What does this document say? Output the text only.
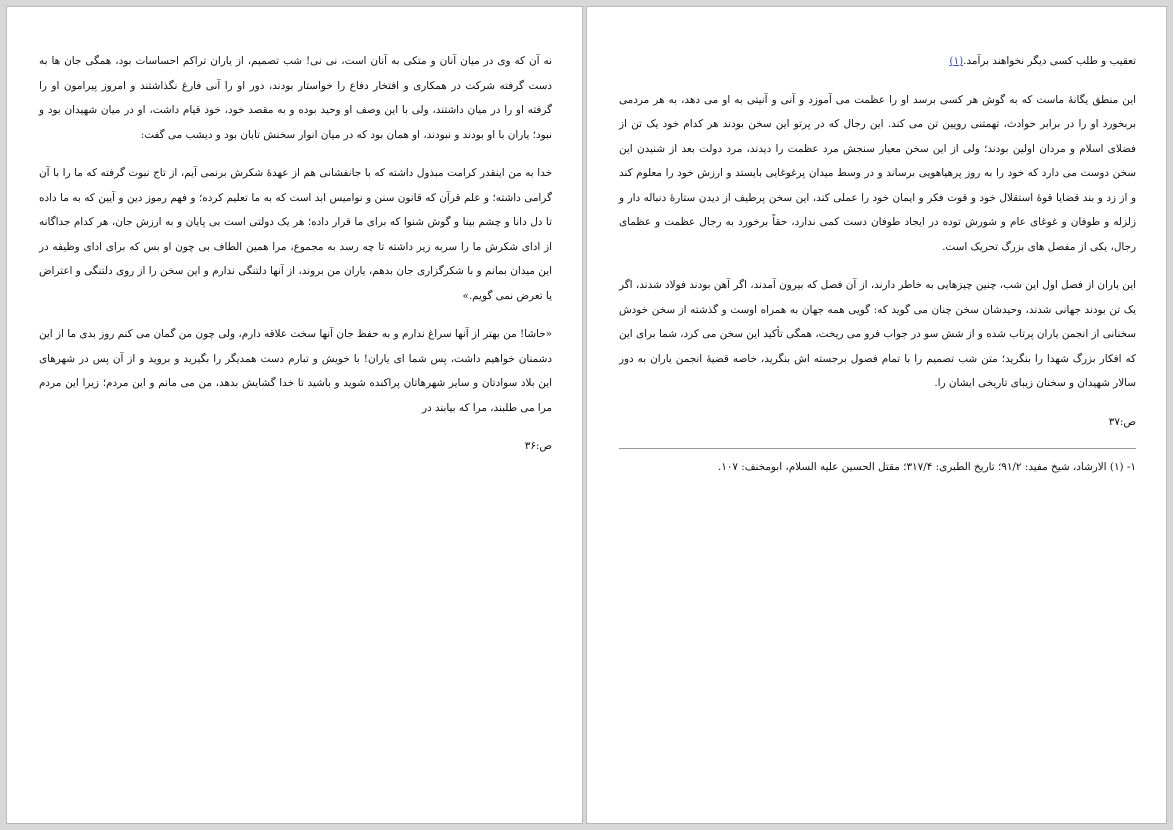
نه آن که وی در میان آنان و متکی به آنان است، نی نی! شب تصمیم، از یاران تراکم احساسات بود، همگی جان ها به دست گرفته شرکت در همکاری و افتخار دفاع را خواستار بودند، دور او را آنی فارغ نگذاشتند و امروز پیرامون او را گرفته او را در میان داشتند، ولی با این وصف او وحید بوده و به مقصد خود، خود قیام داشت، او در میان شهیدان بود و نبود؛ یاران با او بودند و نبودند، او همان بود که در میان انوار سخنش تابان بود و دیشب می گفت:

خدا به من اینقدر کرامت مبذول داشته که با جانفشانی هم از عهدهٔ شکرش برنمی آیم، از تاج نبوت گرفته که ما را با آن گرامی داشته؛ و علم قرآن که قانون سنن و نوامیس ابد است که به ما تعلیم کرده؛ و فهم رموز دین و آیین که به ما داده تا دل دانا و چشم بینا و گوش شنوا که برای ما قرار داده؛ هر یک دولتی است بی پایان و به ارزش جان، هر کدام جداگانه از ادای شکرش ما را سربه زیر داشته تا چه رسد به مجموع، مرا همین الطاف بی چون او بس که برای ادای وظیفه در این میدان بمانم و با شکرگزاری جان بدهم، یاران من بروند، از آنها دلتنگی ندارم و این سخن را از روی دلتنگی و اعتراض یا تعرض نمی گویم.»

«حاشا! من بهتر از آنها سراغ ندارم و به حفظ جان آنها سخت علاقه دارم، ولی چون من گمان می کنم روز بدی ما از این دشمنان خواهیم داشت، پس شما ای یاران! با خویش و تبارم دست همدیگر را بگیرید و بروید و از آن پس در شهرهای این بلاد سوادتان و سایر شهرهاتان پراکنده شوید و باشید تا خدا گشایش بدهد، من می مانم و این مردم؛ زیرا این مردم مرا می طلبند، مرا که بیابند در

ص:۳۶

تعقیب و طلب کسی دیگر نخواهند برآمد.(۱)

این منطق یگانهٔ ماست که به گوش هر کسی برسد او را عظمت می آموزد و آنی و آنیتی به او می دهد، به هر مردمی بربخورد او را در برابر حوادث، تهمتنی رویین تن می کند. این رجال که در پرتو این سخن بودند هر کدام خود یک تن از فضلای اسلام و مردان اولین بودند؛ ولی از این سخن معیار سنجش مرد عظمت را دیدند، مرد دولت بعد از شنیدن این سخن دوست می دارد که خود را به روز پرهیاهویی برساند و در وسط میدان پرغوغایی بایستد و ارزش خود را معلوم کند و از زد و بند قضایا قوهٔ استقلال خود و قوت فکر و ایمان خود را عملی کند، این سخن پرطیف از دیدن ستارهٔ دنباله دار و زلزله و طوفان و غوغای عام و شورش توده در ایجاد طوفان دست کمی ندارد، حقاً برخورد به رجال عظمت و عظمای رجال، یکی از مفصل های بزرگ تحریک است.

این یاران از فصل اول این شب، چنین چیزهایی به خاطر دارند، از آن فصل که بیرون آمدند، اگر آهن بودند فولاد شدند، اگر یک تن بودند جهانی شدند، وحیدشان سخن چنان می گوید که: گویی همه جهان به همراه اوست و گذشته از سخن خودش سخنانی از انجمن یاران پرتاب شده و از شش سو در جواب فرو می ریخت، همگی تأکید این سخن می کرد، شما برای این که افکار بزرگ شهدا را بنگرید؛ متن شب تصمیم را با تمام فصول برجسته اش بنگرید، خاصه قضیهٔ انجمن یاران به دور سالار شهیدان و سخنان زیبای تاریخی ایشان را.

ص:۳۷

۱- (۱) الارشاد، شیخ مفید: ۹۱/۲؛ تاریخ الطبری: ۳۱۷/۴؛ مقتل الحسین علیه السلام، ابومخنف: ۱۰۷.
